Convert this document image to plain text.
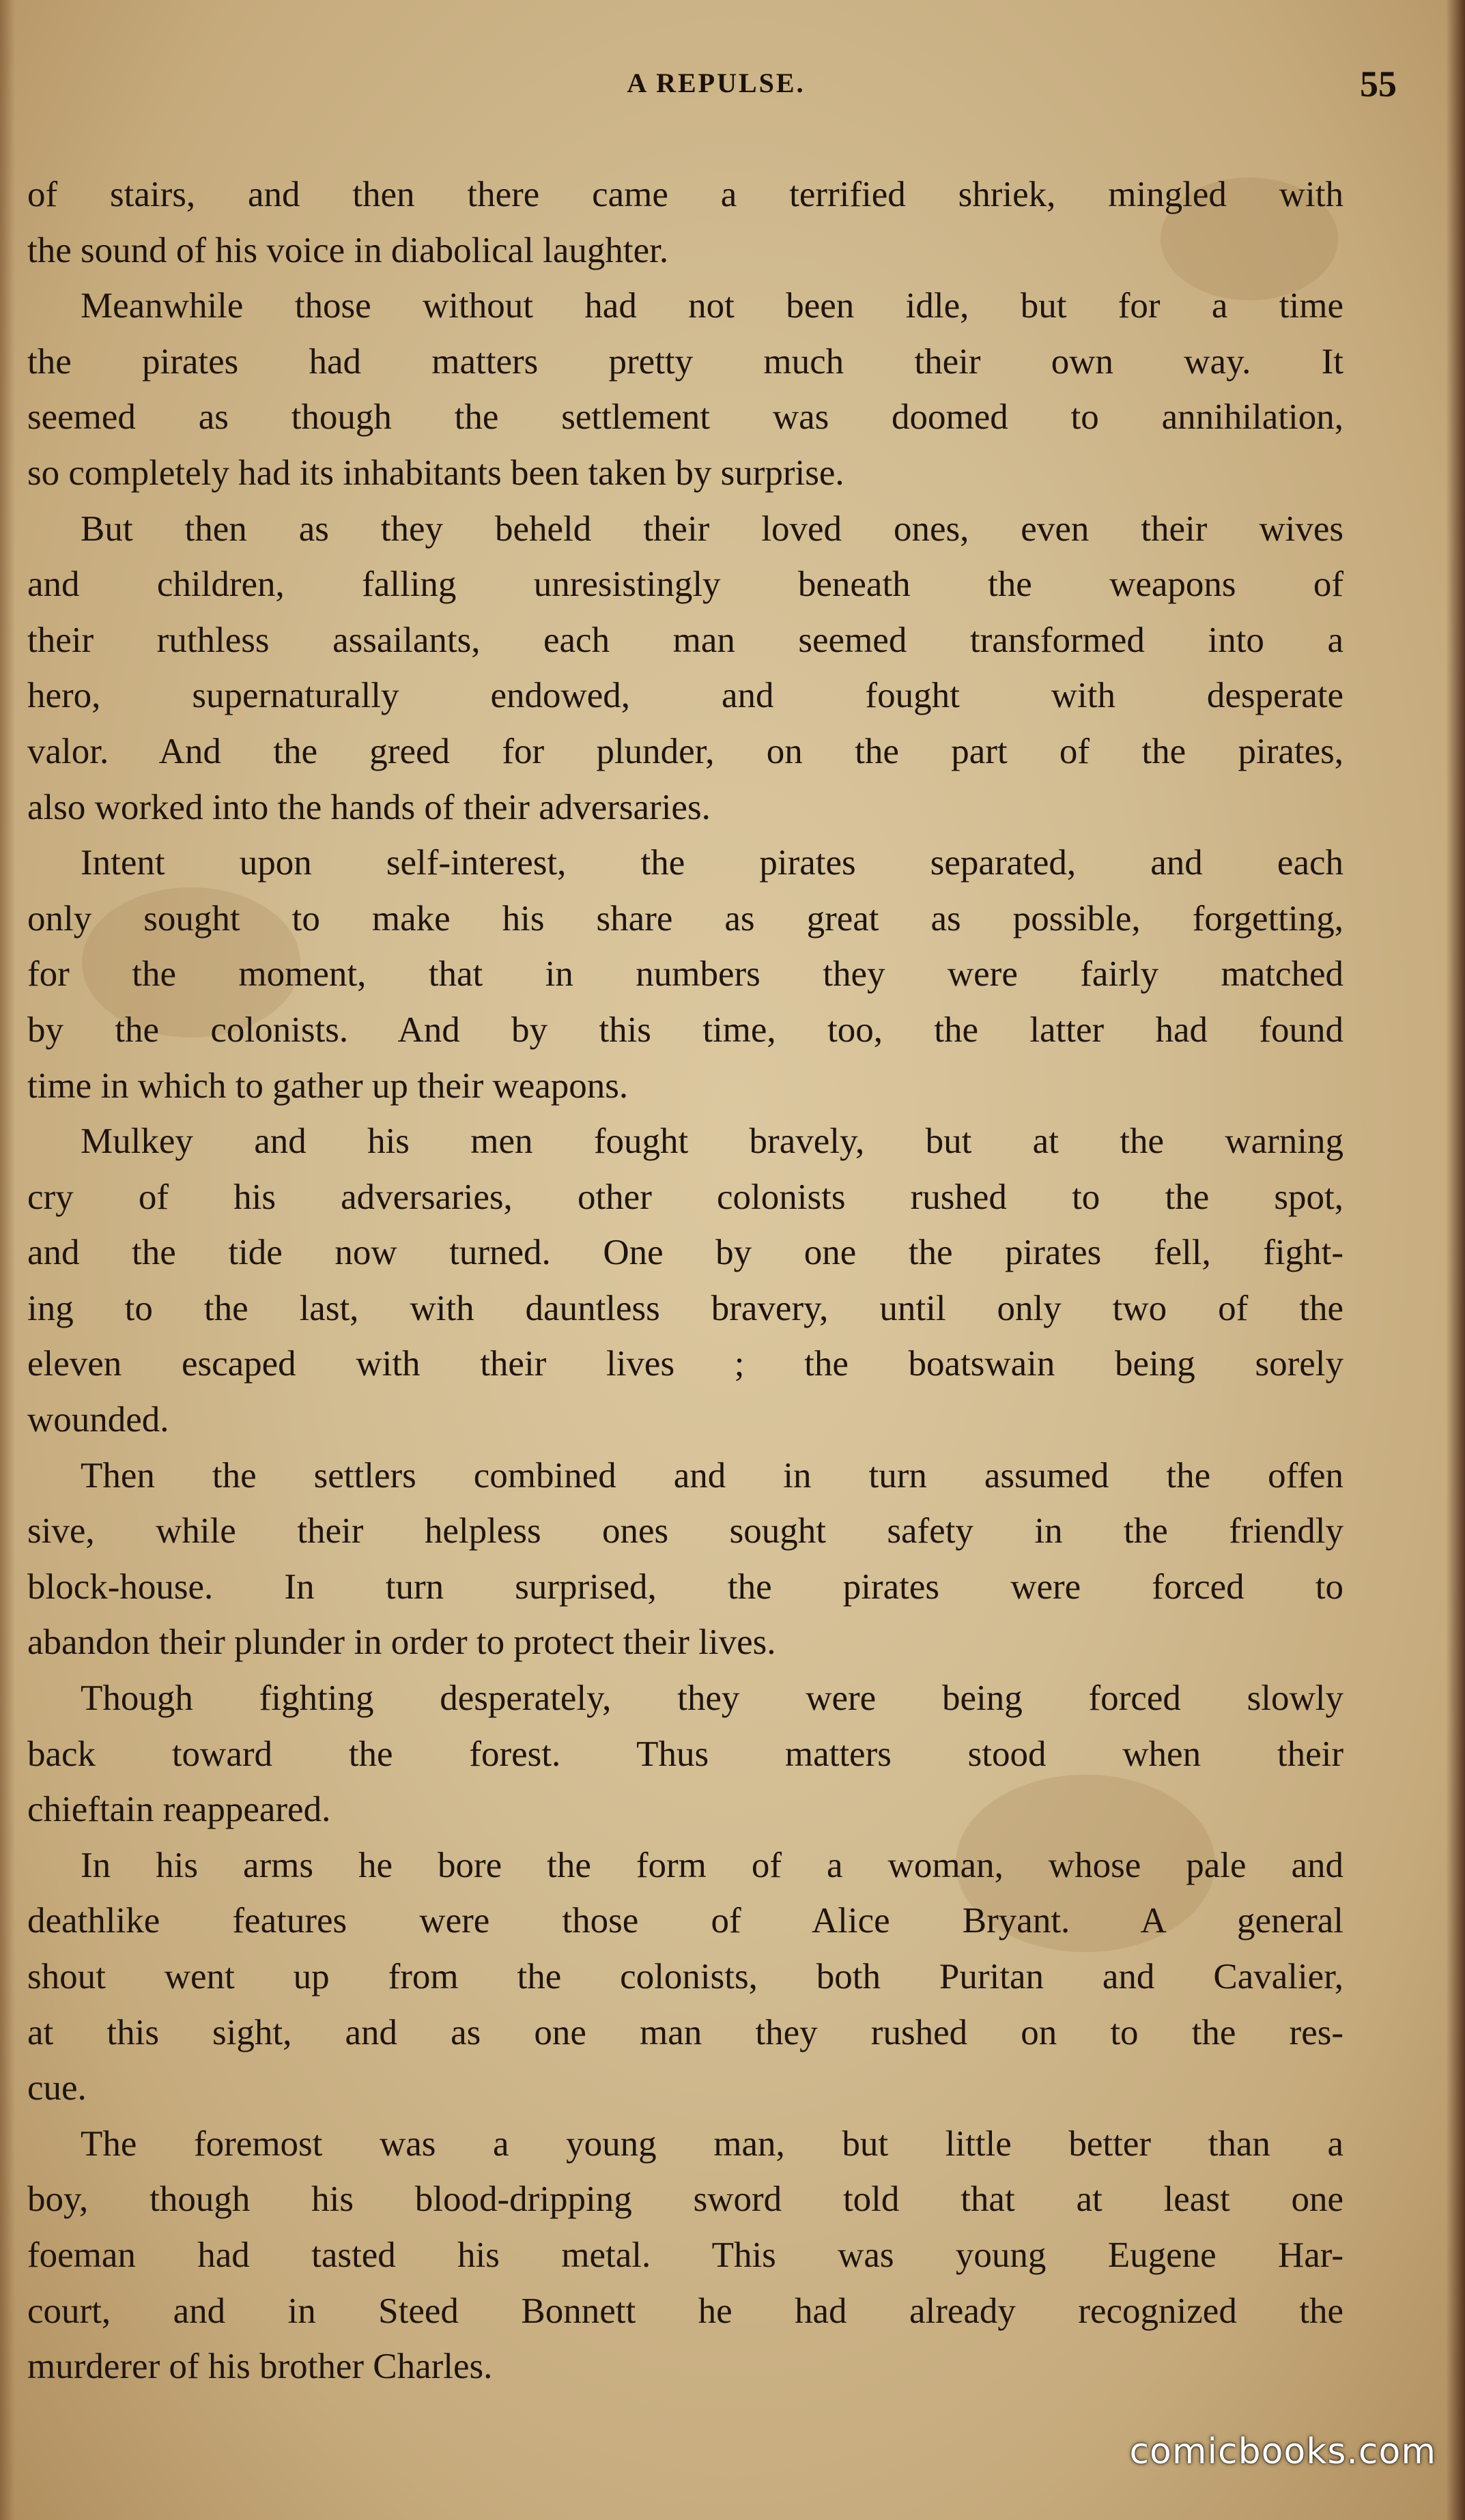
A REPULSE.	55

of stairs, and then there came a terrified shriek, mingled with
the sound of his voice in diabolical laughter.

Meanwhile those without had not been idle, but for a time
the pirates had matters pretty much their own way. It
seemed as though the settlement was doomed to annihilation,
so completely had its inhabitants been taken by surprise.

But then as they beheld their loved ones, even their wives
and children, falling unresistingly beneath the weapons of
their ruthless assailants, each man seemed transformed into a
hero, supernaturally endowed, and fought with desperate
valor. And the greed for plunder, on the part of the pirates,
also worked into the hands of their adversaries.

Intent upon self-interest, the pirates separated, and each
only sought to make his share as great as possible, forgetting,
for the moment, that in numbers they were fairly matched
by the colonists. And by this time, too, the latter had found
time in which to gather up their weapons.

Mulkey and his men fought bravely, but at the warning
cry of his adversaries, other colonists rushed to the spot,
and the tide now turned. One by one the pirates fell, fight-
ing to the last, with dauntless bravery, until only two of the
eleven escaped with their lives ; the boatswain being sorely
wounded.

Then the settlers combined and in turn assumed the offen
sive, while their helpless ones sought safety in the friendly
block-house. In turn surprised, the pirates were forced to
abandon their plunder in order to protect their lives.

Though fighting desperately, they were being forced slowly
back toward the forest. Thus matters stood when their
chieftain reappeared.

In his arms he bore the form of a woman, whose pale and
deathlike features were those of Alice Bryant. A general
shout went up from the colonists, both Puritan and Cavalier,
at this sight, and as one man they rushed on to the res-
cue.

The foremost was a young man, but little better than a
boy, though his blood-dripping sword told that at least one
foeman had tasted his metal. This was young Eugene Har-
court, and in Steed Bonnett he had already recognized the
murderer of his brother Charles.

comicbooks.com
